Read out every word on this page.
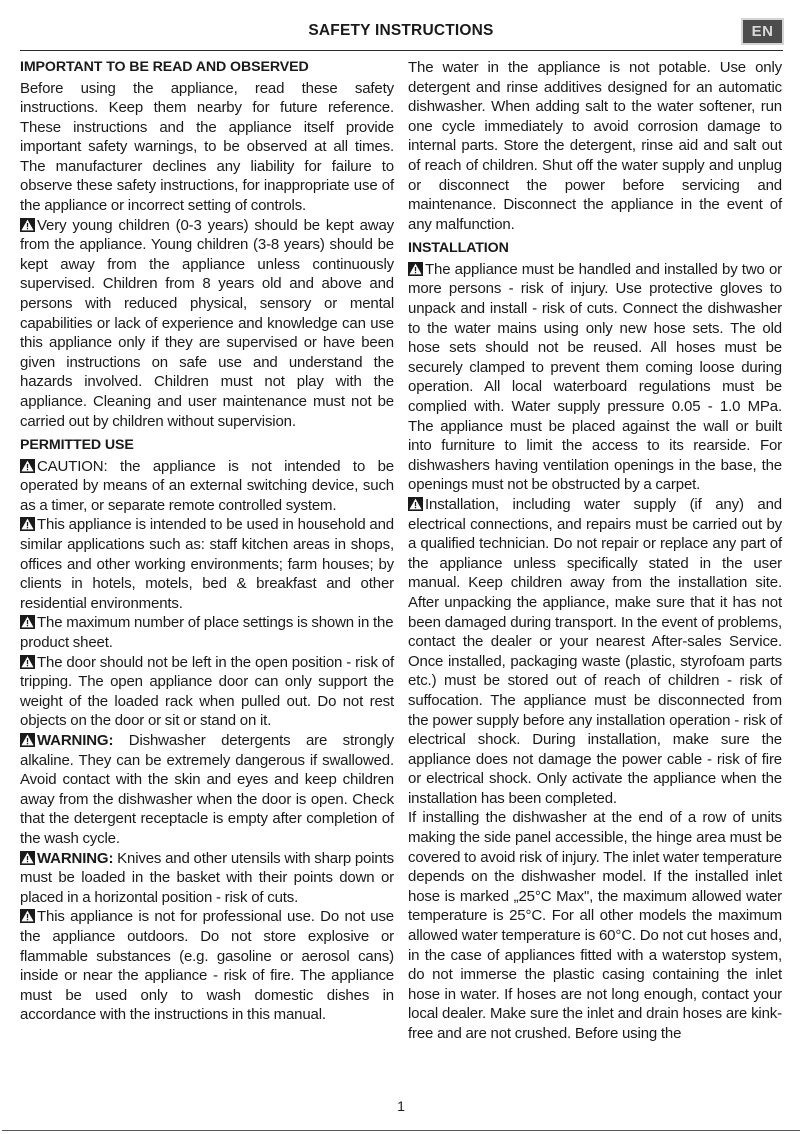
SAFETY INSTRUCTIONS	EN
IMPORTANT TO BE READ AND OBSERVED

Before using the appliance, read these safety instructions. Keep them nearby for future reference. These instructions and the appliance itself provide important safety warnings, to be observed at all times. The manufacturer declines any liability for failure to observe these safety instructions, for inappropriate use of the appliance or incorrect setting of controls.

Very young children (0-3 years) should be kept away from the appliance. Young children (3-8 years) should be kept away from the appliance unless continuously supervised. Children from 8 years old and above and persons with reduced physical, sensory or mental capabilities or lack of experience and knowledge can use this appliance only if they are supervised or have been given instructions on safe use and understand the hazards involved. Children must not play with the appliance. Cleaning and user maintenance must not be carried out by children without supervision.

PERMITTED USE

CAUTION: the appliance is not intended to be operated by means of an external switching device, such as a timer, or separate remote controlled system.

This appliance is intended to be used in household and similar applications such as: staff kitchen areas in shops, offices and other working environments; farm houses; by clients in hotels, motels, bed & breakfast and other residential environments.

The maximum number of place settings is shown in the product sheet.

The door should not be left in the open position - risk of tripping. The open appliance door can only support the weight of the loaded rack when pulled out. Do not rest objects on the door or sit or stand on it.

WARNING: Dishwasher detergents are strongly alkaline. They can be extremely dangerous if swallowed. Avoid contact with the skin and eyes and keep children away from the dishwasher when the door is open. Check that the detergent receptacle is empty after completion of the wash cycle.

WARNING: Knives and other utensils with sharp points must be loaded in the basket with their points down or placed in a horizontal position - risk of cuts.

This appliance is not for professional use. Do not use the appliance outdoors. Do not store explosive or flammable substances (e.g. gasoline or aerosol cans) inside or near the appliance - risk of fire. The appliance must be used only to wash domestic dishes in accordance with the instructions in this manual.

The water in the appliance is not potable. Use only detergent and rinse additives designed for an automatic dishwasher. When adding salt to the water softener, run one cycle immediately to avoid corrosion damage to internal parts. Store the detergent, rinse aid and salt out of reach of children. Shut off the water supply and unplug or disconnect the power before servicing and maintenance. Disconnect the appliance in the event of any malfunction.

INSTALLATION

The appliance must be handled and installed by two or more persons - risk of injury. Use protective gloves to unpack and install - risk of cuts. Connect the dishwasher to the water mains using only new hose sets. The old hose sets should not be reused. All hoses must be securely clamped to prevent them coming loose during operation. All local waterboard regulations must be complied with. Water supply pressure 0.05 - 1.0 MPa. The appliance must be placed against the wall or built into furniture to limit the access to its rearside. For dishwashers having ventilation openings in the base, the openings must not be obstructed by a carpet.

Installation, including water supply (if any) and electrical connections, and repairs must be carried out by a qualified technician. Do not repair or replace any part of the appliance unless specifically stated in the user manual. Keep children away from the installation site. After unpacking the appliance, make sure that it has not been damaged during transport. In the event of problems, contact the dealer or your nearest After-sales Service. Once installed, packaging waste (plastic, styrofoam parts etc.) must be stored out of reach of children - risk of suffocation. The appliance must be disconnected from the power supply before any installation operation - risk of electrical shock. During installation, make sure the appliance does not damage the power cable - risk of fire or electrical shock. Only activate the appliance when the installation has been completed.

If installing the dishwasher at the end of a row of units making the side panel accessible, the hinge area must be covered to avoid risk of injury. The inlet water temperature depends on the dishwasher model. If the installed inlet hose is marked „25°C Max", the maximum allowed water temperature is 25°C. For all other models the maximum allowed water temperature is 60°C. Do not cut hoses and, in the case of appliances fitted with a waterstop system, do not immerse the plastic casing containing the inlet hose in water. If hoses are not long enough, contact your local dealer. Make sure the inlet and drain hoses are kink-free and are not crushed. Before using the

1
